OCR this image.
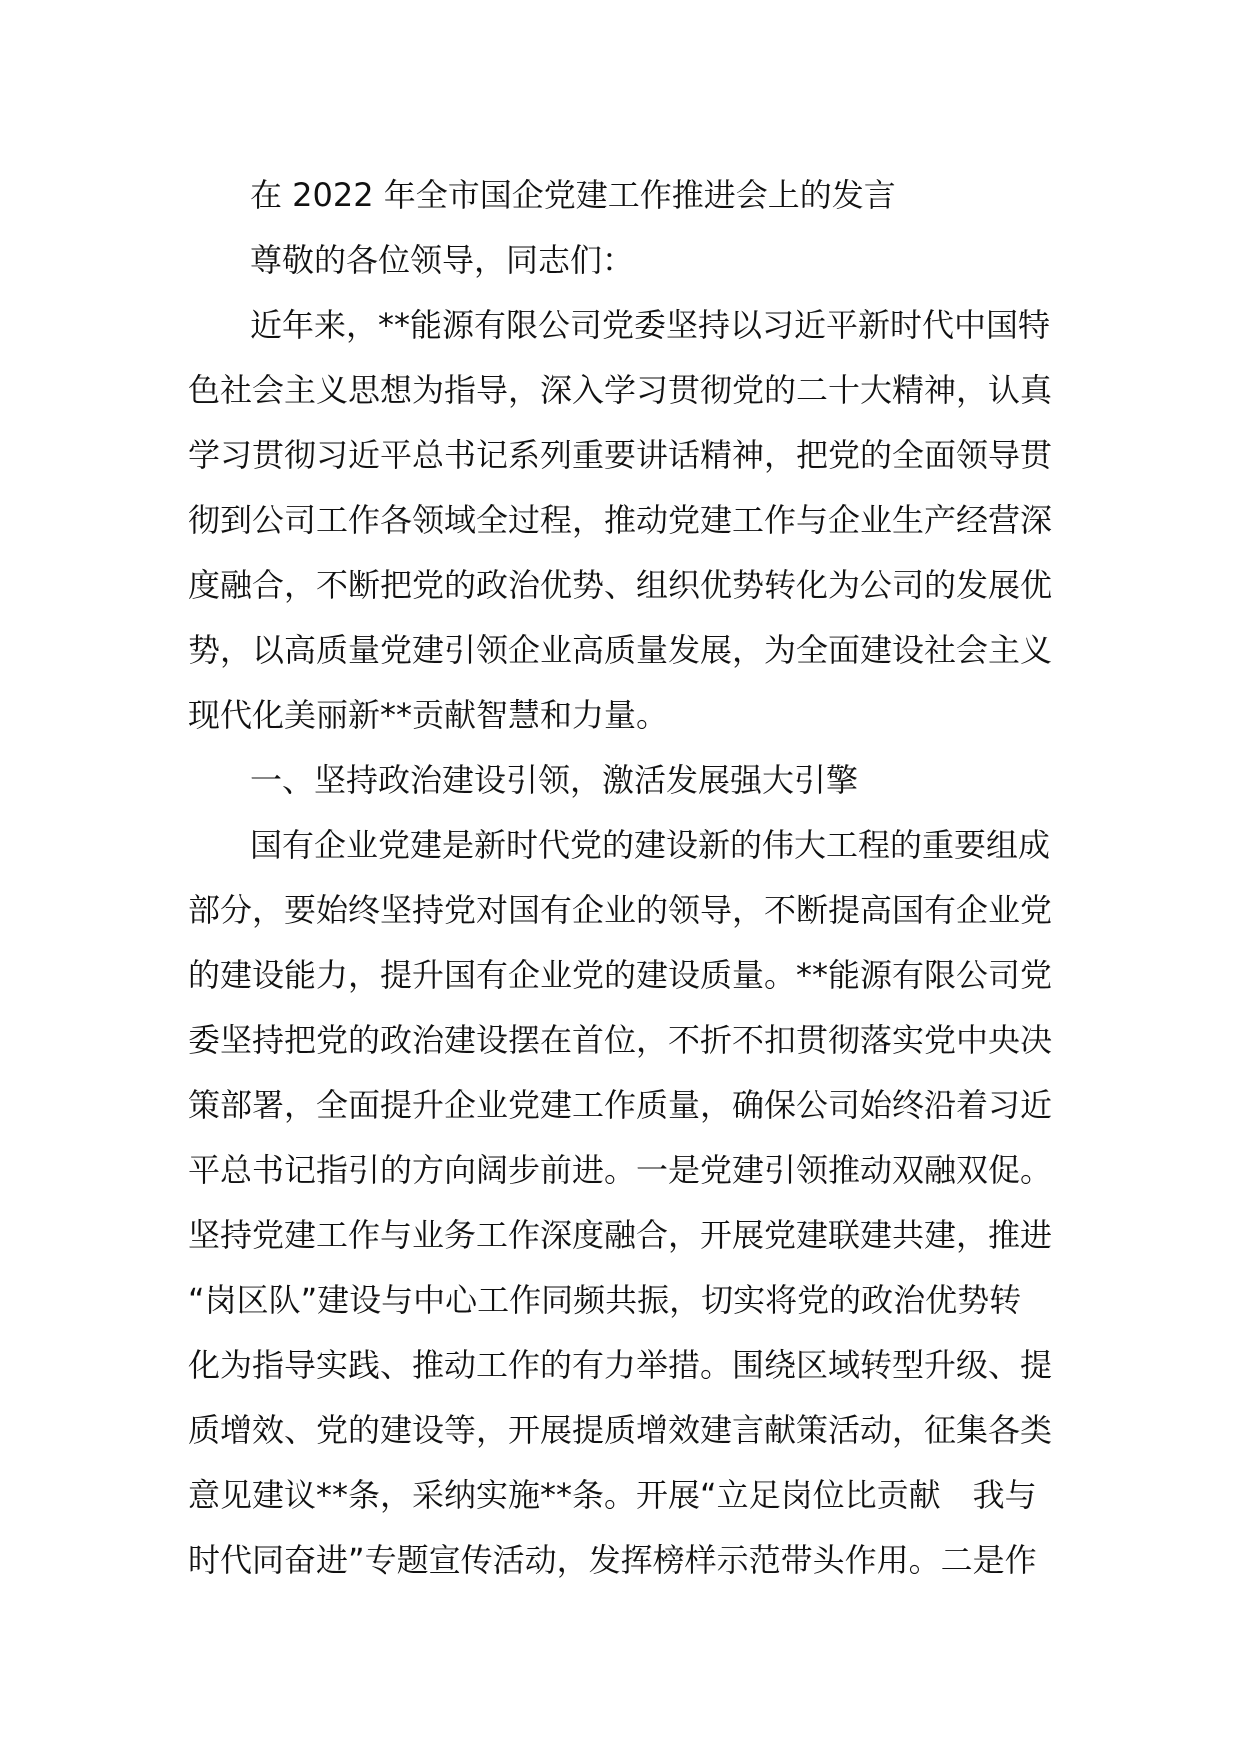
在 2022 年全市国企党建工作推进会上的发言
尊敬的各位领导，同志们：
近年来，**能源有限公司党委坚持以习近平新时代中国特
色社会主义思想为指导，深入学习贯彻党的二十大精神，认真
学习贯彻习近平总书记系列重要讲话精神，把党的全面领导贯
彻到公司工作各领域全过程，推动党建工作与企业生产经营深
度融合，不断把党的政治优势、组织优势转化为公司的发展优
势，以高质量党建引领企业高质量发展，为全面建设社会主义
现代化美丽新**贡献智慧和力量。
一、坚持政治建设引领，激活发展强大引擎
国有企业党建是新时代党的建设新的伟大工程的重要组成
部分，要始终坚持党对国有企业的领导，不断提高国有企业党
的建设能力，提升国有企业党的建设质量。**能源有限公司党
委坚持把党的政治建设摆在首位，不折不扣贯彻落实党中央决
策部署，全面提升企业党建工作质量，确保公司始终沿着习近
平总书记指引的方向阔步前进。一是党建引领推动双融双促。
坚持党建工作与业务工作深度融合，开展党建联建共建，推进
“岗区队”建设与中心工作同频共振，切实将党的政治优势转
化为指导实践、推动工作的有力举措。围绕区域转型升级、提
质增效、党的建设等，开展提质增效建言献策活动，征集各类
意见建议**条，采纳实施**条。开展“立足岗位比贡献　我与
时代同奋进”专题宣传活动，发挥榜样示范带头作用。二是作
